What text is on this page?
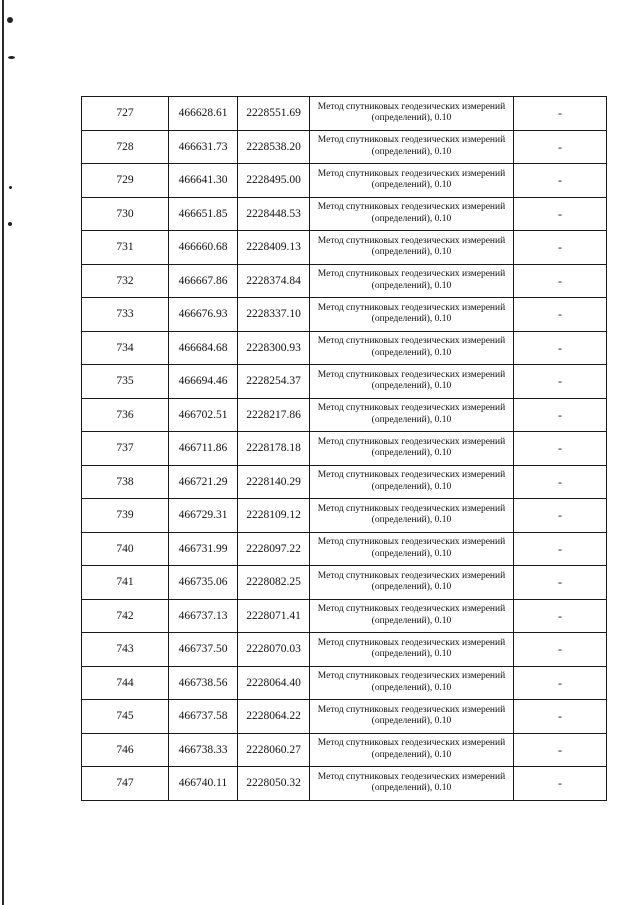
727	466628.61	2228551.69	Метод спутниковых геодезических измерений (определений), 0.10	-
728	466631.73	2228538.20	Метод спутниковых геодезических измерений (определений), 0.10	-
729	466641.30	2228495.00	Метод спутниковых геодезических измерений (определений), 0.10	-
730	466651.85	2228448.53	Метод спутниковых геодезических измерений (определений), 0.10	-
731	466660.68	2228409.13	Метод спутниковых геодезических измерений (определений), 0.10	-
732	466667.86	2228374.84	Метод спутниковых геодезических измерений (определений), 0.10	-
733	466676.93	2228337.10	Метод спутниковых геодезических измерений (определений), 0.10	-
734	466684.68	2228300.93	Метод спутниковых геодезических измерений (определений), 0.10	-
735	466694.46	2228254.37	Метод спутниковых геодезических измерений (определений), 0.10	-
736	466702.51	2228217.86	Метод спутниковых геодезических измерений (определений), 0.10	-
737	466711.86	2228178.18	Метод спутниковых геодезических измерений (определений), 0.10	-
738	466721.29	2228140.29	Метод спутниковых геодезических измерений (определений), 0.10	-
739	466729.31	2228109.12	Метод спутниковых геодезических измерений (определений), 0.10	-
740	466731.99	2228097.22	Метод спутниковых геодезических измерений (определений), 0.10	-
741	466735.06	2228082.25	Метод спутниковых геодезических измерений (определений), 0.10	-
742	466737.13	2228071.41	Метод спутниковых геодезических измерений (определений), 0.10	-
743	466737.50	2228070.03	Метод спутниковых геодезических измерений (определений), 0.10	-
744	466738.56	2228064.40	Метод спутниковых геодезических измерений (определений), 0.10	-
745	466737.58	2228064.22	Метод спутниковых геодезических измерений (определений), 0.10	-
746	466738.33	2228060.27	Метод спутниковых геодезических измерений (определений), 0.10	-
747	466740.11	2228050.32	Метод спутниковых геодезических измерений (определений), 0.10	-
